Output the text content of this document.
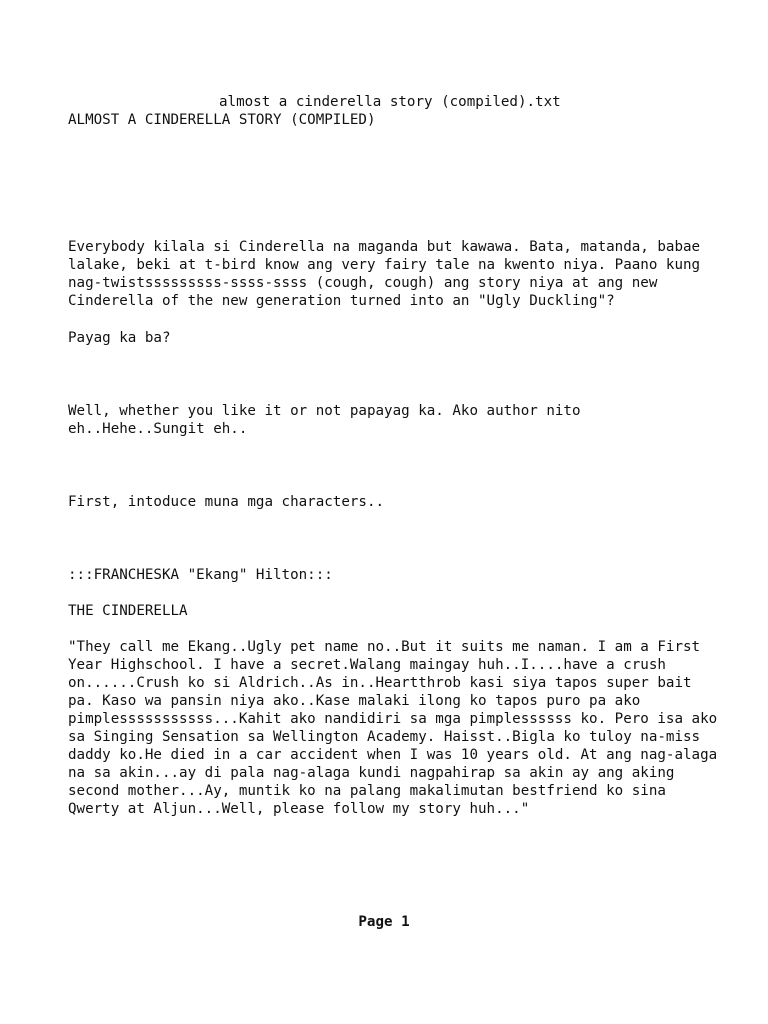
almost a cinderella story (compiled).txt
ALMOST A CINDERELLA STORY (COMPILED)
Everybody kilala si Cinderella na maganda but kawawa. Bata, matanda, babae
lalake, beki at t-bird know ang very fairy tale na kwento niya. Paano kung
nag-twistsssssssss-ssss-ssss (cough, cough) ang story niya at ang new
Cinderella of the new generation turned into an "Ugly Duckling"?
Payag ka ba?
Well, whether you like it or not papayag ka. Ako author nito
eh..Hehe..Sungit eh..
First, intoduce muna mga characters..
:::FRANCHESKA "Ekang" Hilton:::
THE CINDERELLA
"They call me Ekang..Ugly pet name no..But it suits me naman. I am a First
Year Highschool. I have a secret.Walang maingay huh..I....have a crush
on......Crush ko si Aldrich..As in..Heartthrob kasi siya tapos super bait
pa. Kaso wa pansin niya ako..Kase malaki ilong ko tapos puro pa ako
pimplesssssssssss...Kahit ako nandidiri sa mga pimplessssss ko. Pero isa ako
sa Singing Sensation sa Wellington Academy. Haisst..Bigla ko tuloy na-miss
daddy ko.He died in a car accident when I was 10 years old. At ang nag-alaga
na sa akin...ay di pala nag-alaga kundi nagpahirap sa akin ay ang aking
second mother...Ay, muntik ko na palang makalimutan bestfriend ko sina
Qwerty at Aljun...Well, please follow my story huh..."
Page 1
